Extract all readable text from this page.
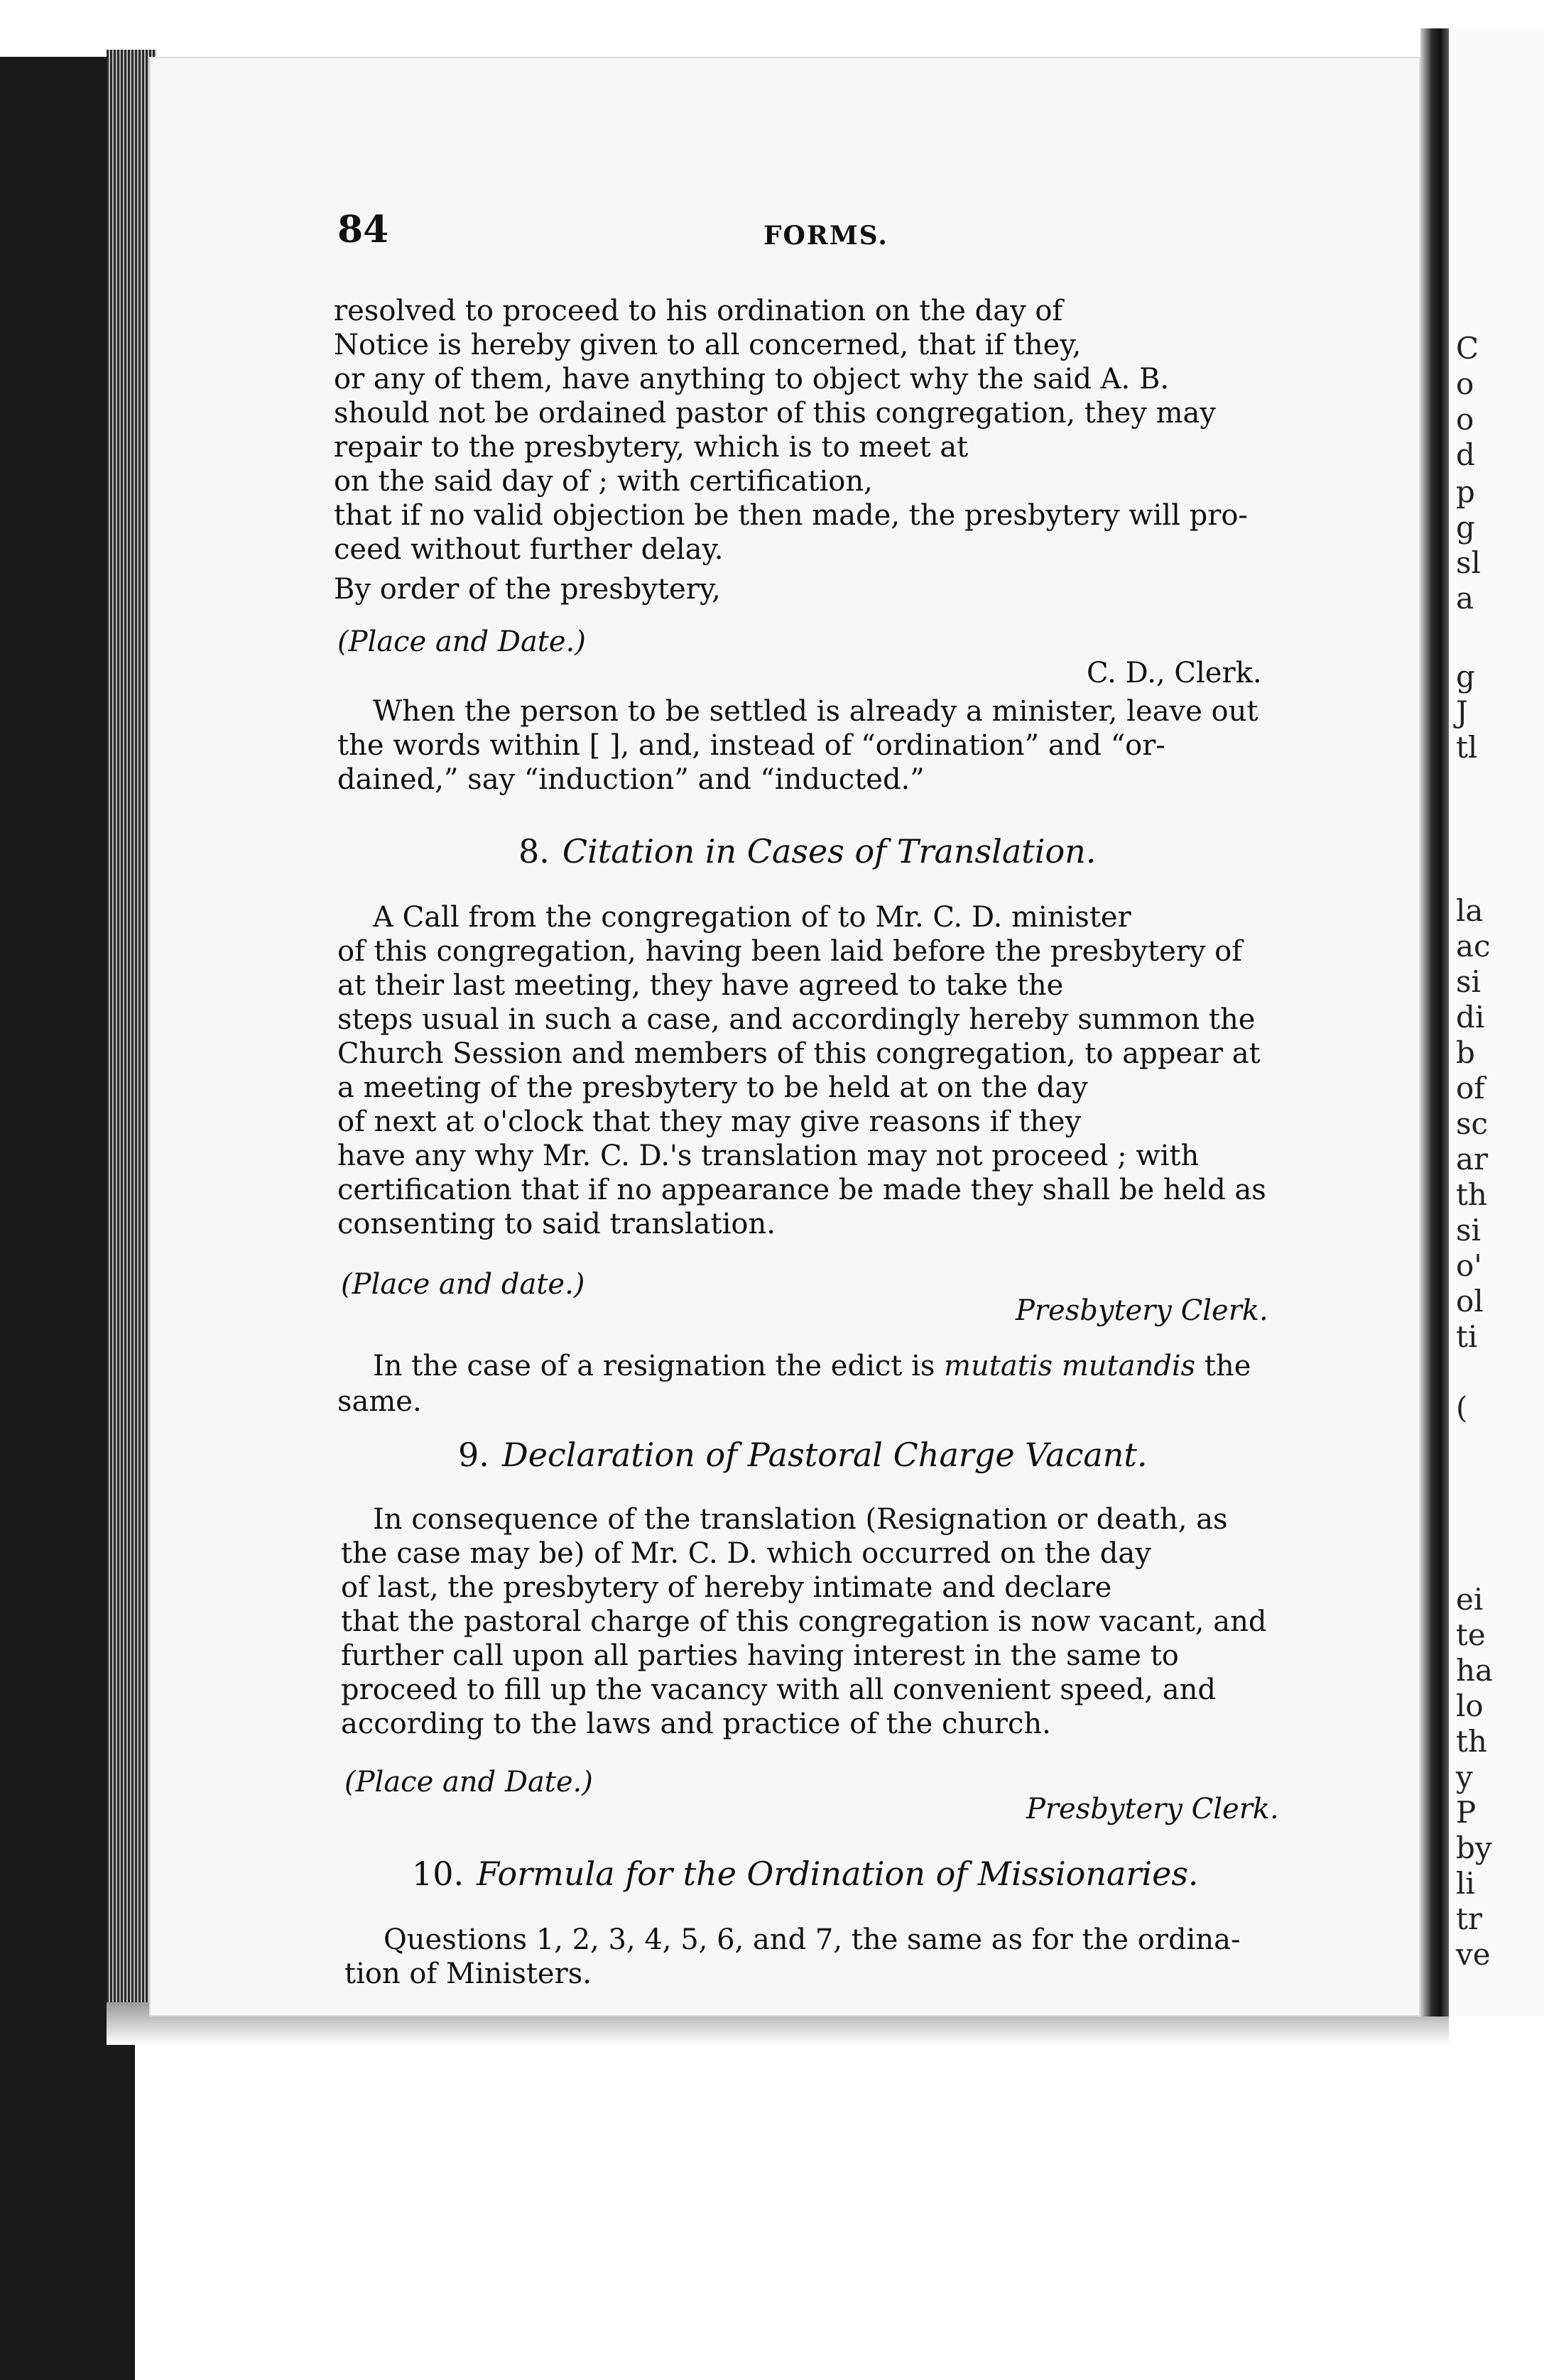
C
o
o
d
p
g
sl
a
g
J
tl
la
ac
si
di
b
of
sc
ar
th
si
o'
ol
ti
(
ei
te
ha
lo
th
y
P
by
li
tr
ve
84	FORMS.
resolved to proceed to his ordination on the day of
Notice is hereby given to all concerned, that if they,
or any of them, have anything to object why the said A. B.
should not be ordained pastor of this congregation, they may
repair to the presbytery, which is to meet at
on the said day of ; with certification,
that if no valid objection be then made, the presbytery will pro-
ceed without further delay.
By order of the presbytery,
(Place and Date.)
C. D., Clerk.
When the person to be settled is already a minister, leave out
the words within [ ], and, instead of “ordination” and “or-
dained,” say “induction” and “inducted.”
8. Citation in Cases of Translation.
A Call from the congregation of to Mr. C. D. minister
of this congregation, having been laid before the presbytery of
at their last meeting, they have agreed to take the
steps usual in such a case, and accordingly hereby summon the
Church Session and members of this congregation, to appear at
a meeting of the presbytery to be held at on the day
of next at o'clock that they may give reasons if they
have any why Mr. C. D.'s translation may not proceed ; with
certification that if no appearance be made they shall be held as
consenting to said translation.
(Place and date.)
Presbytery Clerk.
In the case of a resignation the edict is mutatis mutandis the
same.
9. Declaration of Pastoral Charge Vacant.
In consequence of the translation (Resignation or death, as
the case may be) of Mr. C. D. which occurred on the day
of last, the presbytery of hereby intimate and declare
that the pastoral charge of this congregation is now vacant, and
further call upon all parties having interest in the same to
proceed to fill up the vacancy with all convenient speed, and
according to the laws and practice of the church.
(Place and Date.)
Presbytery Clerk.
10. Formula for the Ordination of Missionaries.
Questions 1, 2, 3, 4, 5, 6, and 7, the same as for the ordina-
tion of Ministers.
